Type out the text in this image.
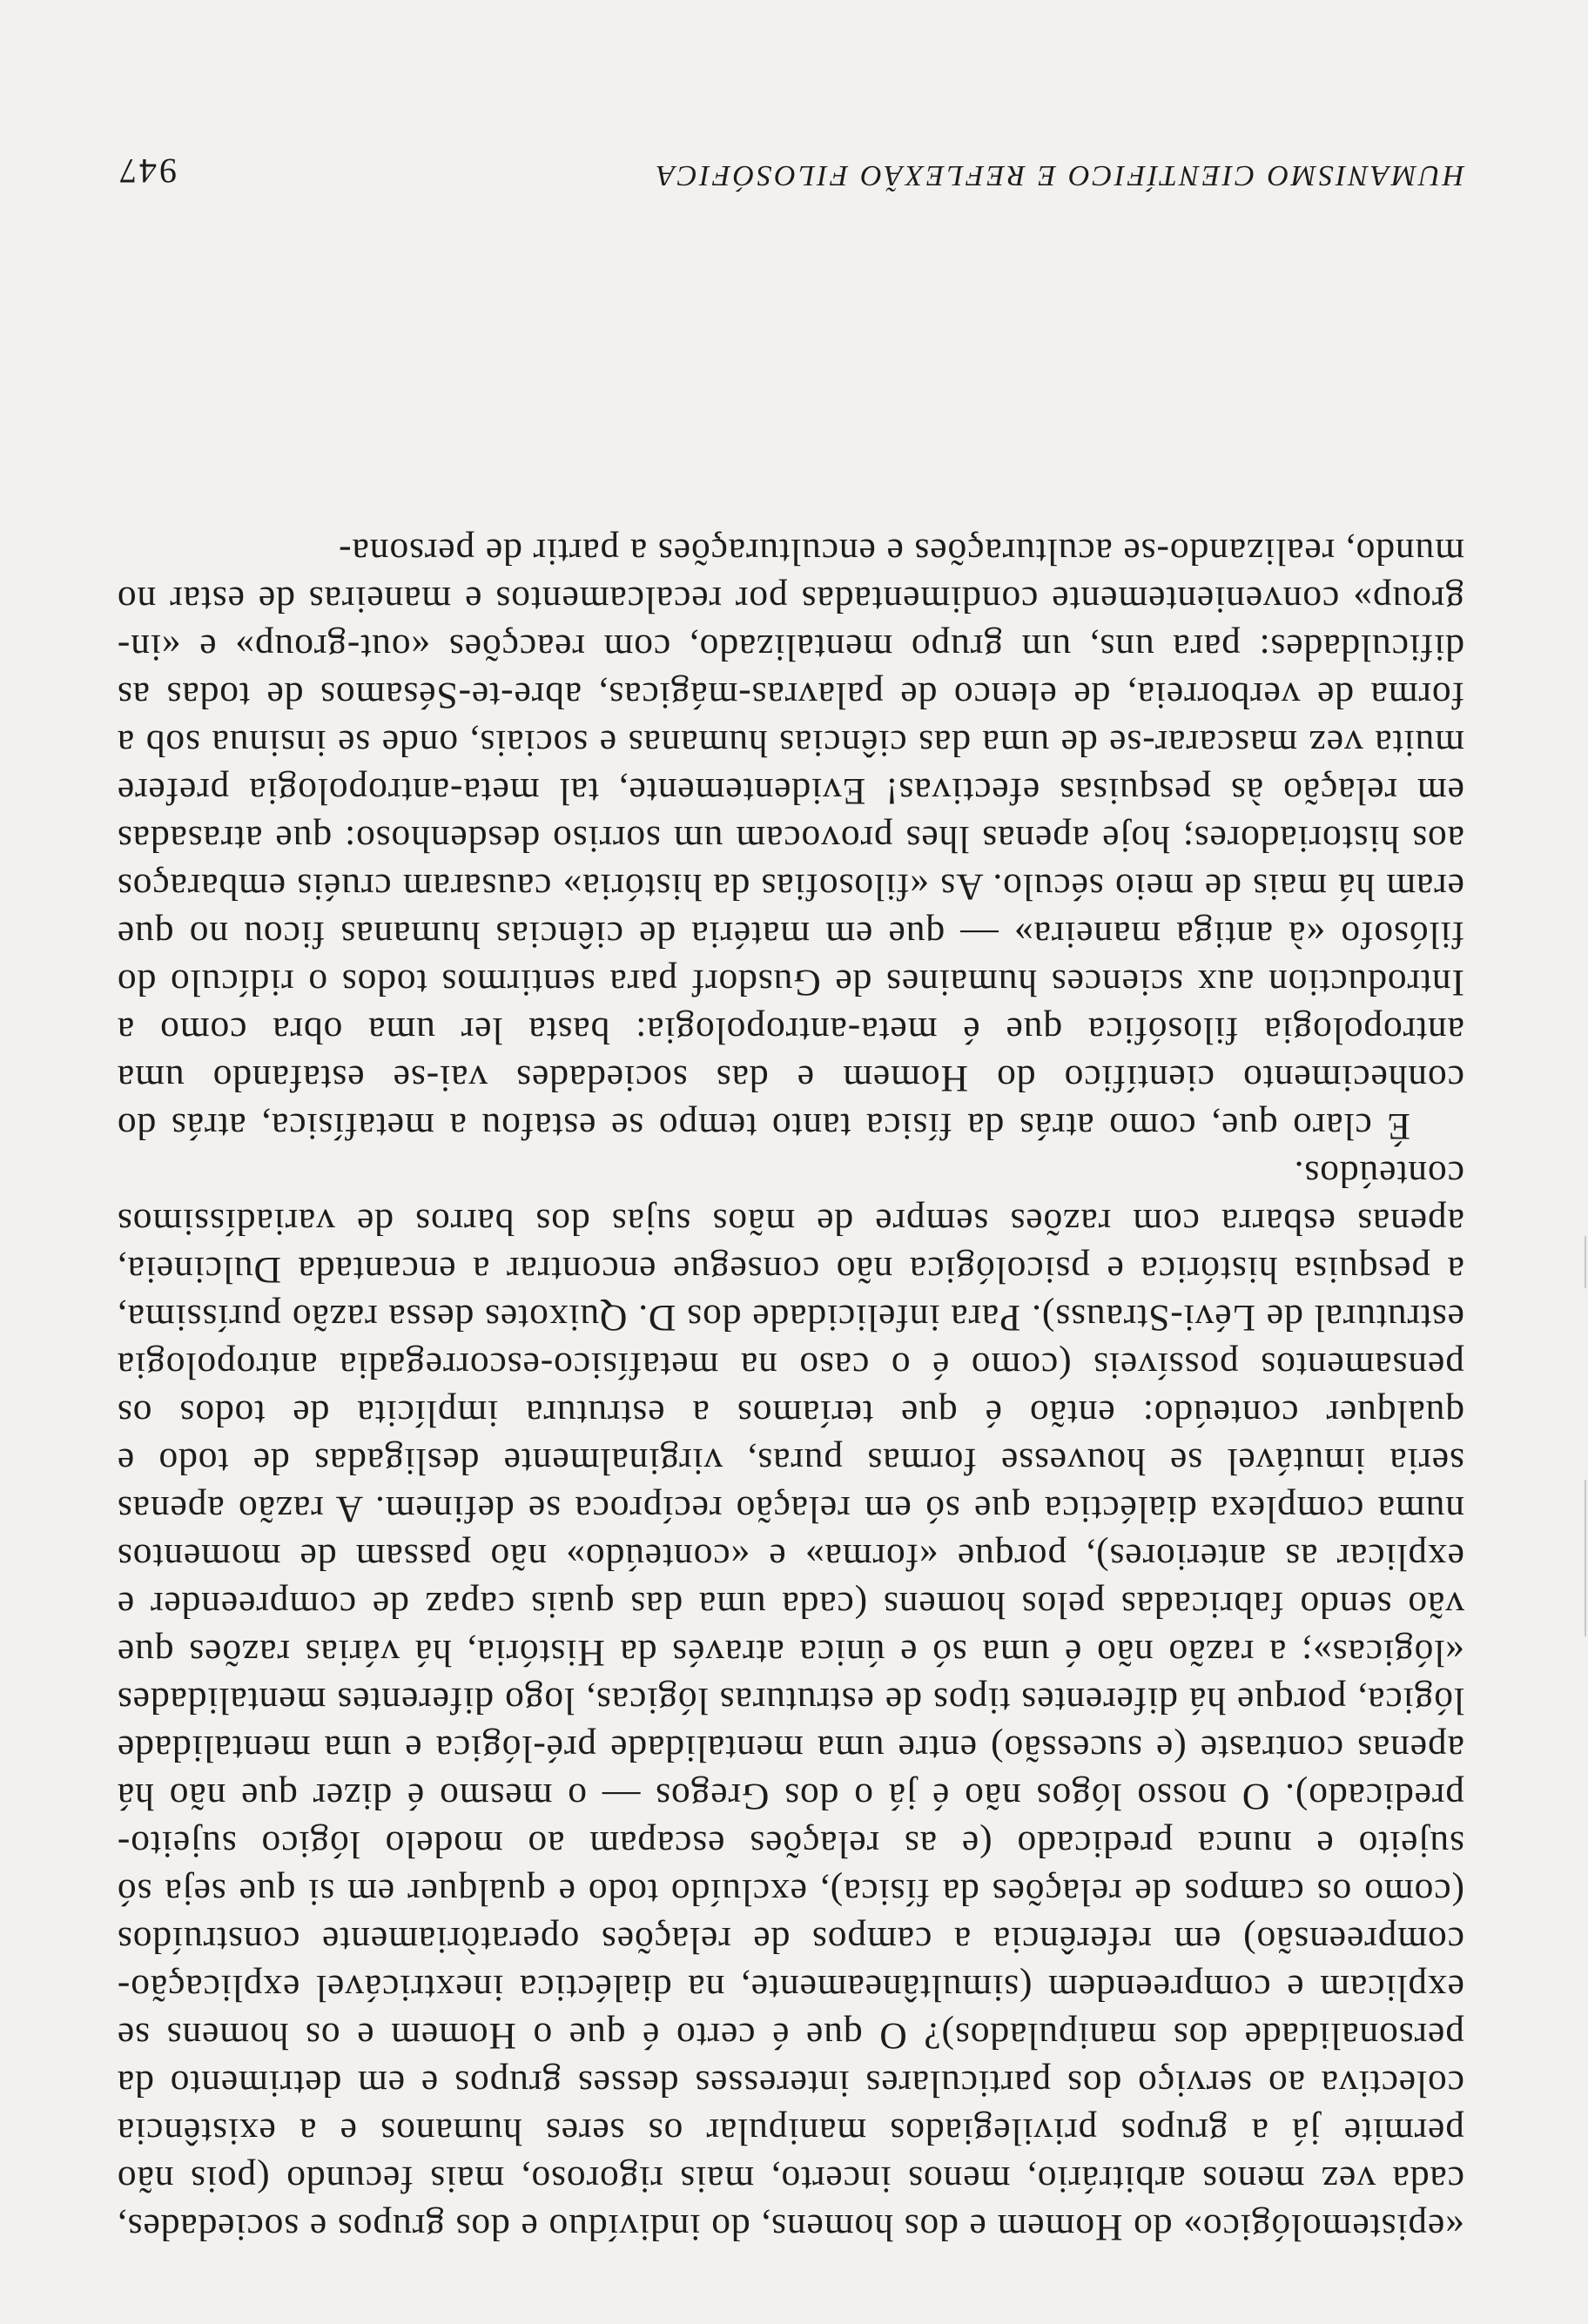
«epistemológico» do Homem e dos homens, do indivíduo e dos grupos e sociedades, cada vez menos arbitrário, menos incerto, mais rigoroso, mais fecundo (pois não permite já a grupos privilegiados manipular os seres humanos e a existência colectiva ao serviço dos particulares interesses desses grupos e em detrimento da personalidade dos manipulados)? O que é certo é que o Homem e os homens se explicam e compreendem (simultâneamente, na dialéctica inextricável explicação-compreensão) em referência a campos de relações operatòriamente construídos (como os campos de relações da física), excluído todo e qualquer em si que seja só sujeito e nunca predicado (e as relações escapam ao modelo lógico sujeito-predicado). O nosso lógos não é já o dos Gregos — o mesmo é dizer que não há apenas contraste (e sucessão) entre uma mentalidade pré-lógica e uma mentalidade lógica, porque há diferentes tipos de estruturas lógicas, logo diferentes mentalidades «lógicas»; a razão não é uma só e única através da História, há várias razões que vão sendo fabricadas pelos homens (cada uma das quais capaz de compreender e explicar as anteriores), porque «forma» e «conteúdo» não passam de momentos numa complexa dialéctica que só em relação recíproca se definem. A razão apenas seria imutável se houvesse formas puras, virginalmente desligadas de todo e qualquer conteúdo: então é que teríamos a estrutura implícita de todos os pensamentos possíveis (como é o caso na metafísico-escorregadia antropologia estrutural de Lévi-Strauss). Para infelicidade dos D. Quixotes dessa razão puríssima, a pesquisa histórica e psicológica não consegue encontrar a encantada Dulcineia, apenas esbarra com razões sempre de mãos sujas dos barros de variadíssimos conteúdos.

É claro que, como atrás da física tanto tempo se estafou a metafísica, atrás do conhecimento científico do Homem e das sociedades vai-se estafando uma antropologia filosófica que é meta-antropologia: basta ler uma obra como a Introduction aux sciences humaines de Gusdorf para sentirmos todos o ridículo do filósofo «à antiga maneira» — que em matéria de ciências humanas ficou no que eram há mais de meio século. As «filosofias da história» causaram cruéis embaraços aos historiadores; hoje apenas lhes provocam um sorriso desdenhoso: que atrasadas em relação às pesquisas efectivas! Evidentemente, tal meta-antropologia prefere muita vez mascarar-se de uma das ciências humanas e sociais, onde se insinua sob a forma de verborreia, de elenco de palavras-mágicas, abre-te-Sésamos de todas as dificuldades: para uns, um grupo mentalizado, com reacções «out-group» e «in-group» convenientemente condimentadas por recalcamentos e maneiras de estar no mundo, realizando-se aculturações e enculturações a partir de persona-

HUMANISMO CIENTÍFICO E REFLEXÃO FILOSÓFICA
947
